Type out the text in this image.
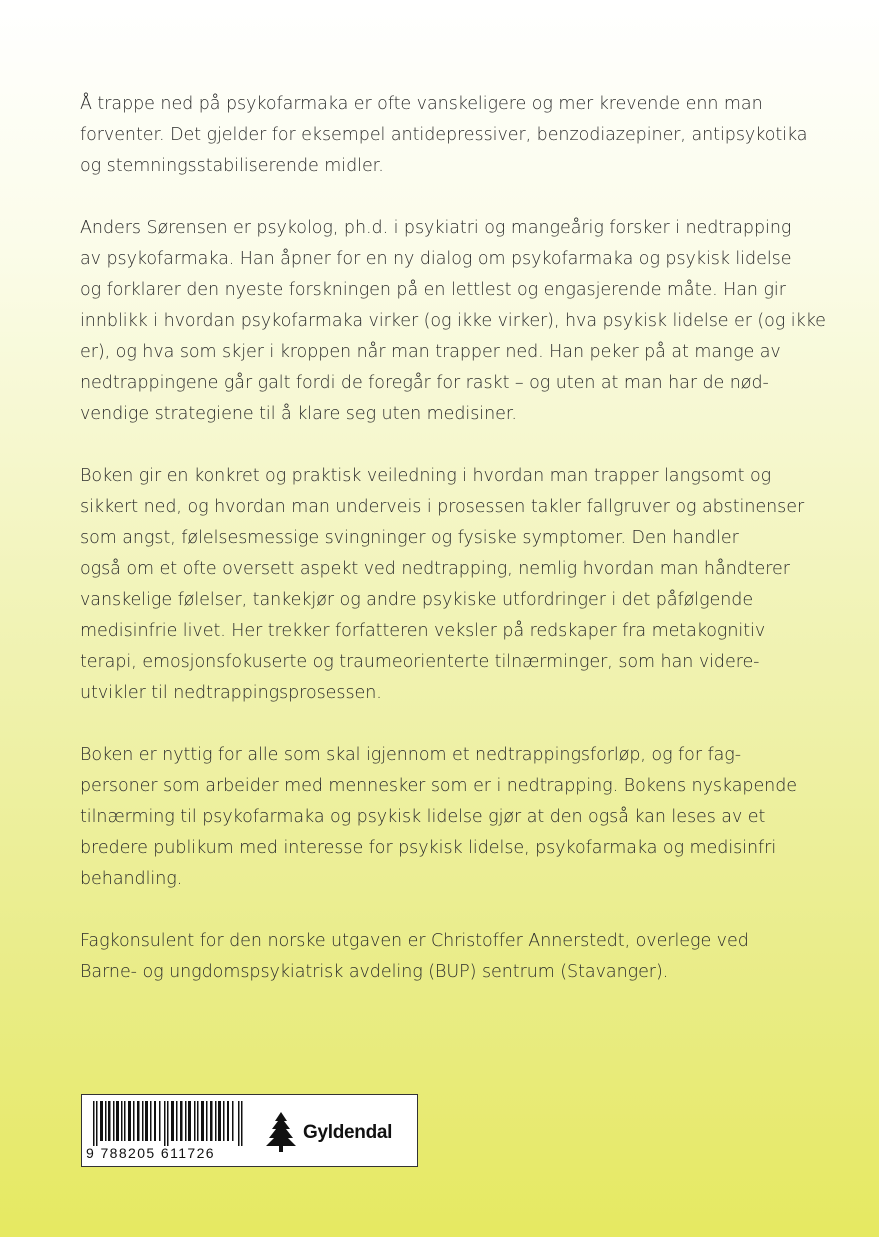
Å trappe ned på psykofarmaka er ofte vanskeligere og mer krevende enn man
forventer. Det gjelder for eksempel antidepressiver, benzodiazepiner, antipsykotika
og stemningsstabiliserende midler.

Anders Sørensen er psykolog, ph.d. i psykiatri og mangeårig forsker i nedtrapping
av psykofarmaka. Han åpner for en ny dialog om psykofarmaka og psykisk lidelse
og forklarer den nyeste forskningen på en lettlest og engasjerende måte. Han gir
innblikk i hvordan psykofarmaka virker (og ikke virker), hva psykisk lidelse er (og ikke
er), og hva som skjer i kroppen når man trapper ned. Han peker på at mange av
nedtrappingene går galt fordi de foregår for raskt – og uten at man har de nød-
vendige strategiene til å klare seg uten medisiner.

Boken gir en konkret og praktisk veiledning i hvordan man trapper langsomt og
sikkert ned, og hvordan man underveis i prosessen takler fallgruver og abstinenser
som angst, følelsesmessige svingninger og fysiske symptomer. Den handler
også om et ofte oversett aspekt ved nedtrapping, nemlig hvordan man håndterer
vanskelige følelser, tankekjør og andre psykiske utfordringer i det påfølgende
medisinfrie livet. Her trekker forfatteren veksler på redskaper fra metakognitiv
terapi, emosjonsfokuserte og traumeorienterte tilnærminger, som han videre-
utvikler til nedtrappingsprosessen.

Boken er nyttig for alle som skal igjennom et nedtrappingsforløp, og for fag-
personer som arbeider med mennesker som er i nedtrapping. Bokens nyskapende
tilnærming til psykofarmaka og psykisk lidelse gjør at den også kan leses av et
bredere publikum med interesse for psykisk lidelse, psykofarmaka og medisinfri
behandling.

Fagkonsulent for den norske utgaven er Christoffer Annerstedt, overlege ved
Barne- og ungdomspsykiatrisk avdeling (BUP) sentrum (Stavanger).

9 788205 611726
Gyldendal
